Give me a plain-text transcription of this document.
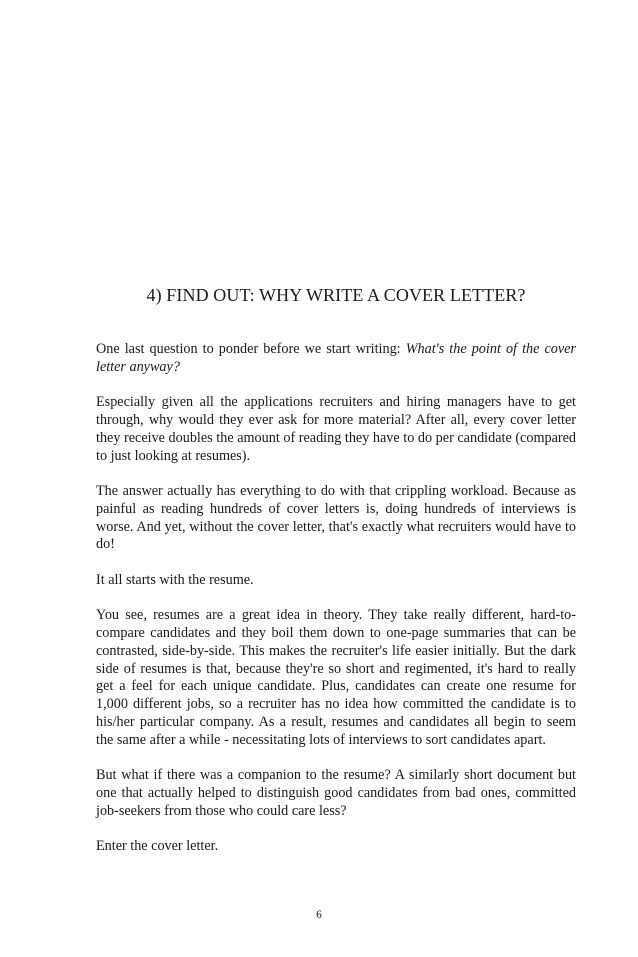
4) FIND OUT: WHY WRITE A COVER LETTER?

One last question to ponder before we start writing: What's the point of the cover letter anyway?

Especially given all the applications recruiters and hiring managers have to get through, why would they ever ask for more material? After all, every cover letter they receive doubles the amount of reading they have to do per candidate (compared to just looking at resumes).

The answer actually has everything to do with that crippling workload. Because as painful as reading hundreds of cover letters is, doing hundreds of interviews is worse. And yet, without the cover letter, that's exactly what recruiters would have to do!

It all starts with the resume.

You see, resumes are a great idea in theory. They take really different, hard-to-compare candidates and they boil them down to one-page summaries that can be contrasted, side-by-side. This makes the recruiter's life easier initially. But the dark side of resumes is that, because they're so short and regimented, it's hard to really get a feel for each unique candidate. Plus, candidates can create one resume for 1,000 different jobs, so a recruiter has no idea how committed the candidate is to his/her particular company. As a result, resumes and candidates all begin to seem the same after a while - necessitating lots of interviews to sort candidates apart.

But what if there was a companion to the resume? A similarly short document but one that actually helped to distinguish good candidates from bad ones, committed job-seekers from those who could care less?

Enter the cover letter.

6
